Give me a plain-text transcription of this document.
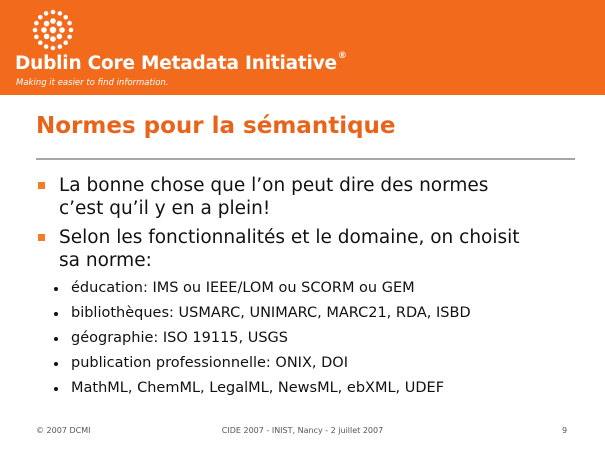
Dublin Core Metadata Initiative®
Making it easier to find information.
Normes pour la sémantique
La bonne chose que l’on peut dire des normes
c’est qu’il y en a plein!
Selon les fonctionnalités et le domaine, on choisit
sa norme:
éducation: IMS ou IEEE/LOM ou SCORM ou GEM
bibliothèques: USMARC, UNIMARC, MARC21, RDA, ISBD
géographie: ISO 19115, USGS
publication professionnelle: ONIX, DOI
MathML, ChemML, LegalML, NewsML, ebXML, UDEF
© 2007 DCMI	CIDE 2007 - INIST, Nancy - 2 juillet 2007	9
